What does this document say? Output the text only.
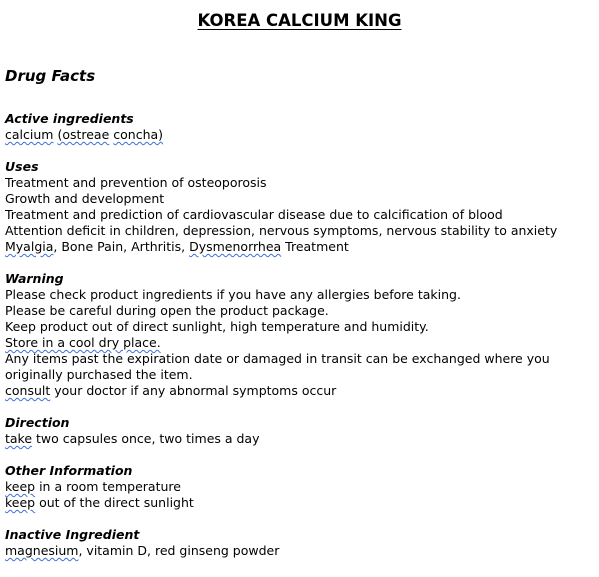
KOREA CALCIUM KING
Drug Facts
Active ingredients
calcium (ostreae concha)
Uses
Treatment and prevention of osteoporosis
Growth and development
Treatment and prediction of cardiovascular disease due to calcification of blood
Attention deficit in children, depression, nervous symptoms, nervous stability to anxiety
Myalgia, Bone Pain, Arthritis, Dysmenorrhea Treatment
Warning
Please check product ingredients if you have any allergies before taking.
Please be careful during open the product package.
Keep product out of direct sunlight, high temperature and humidity.
Store in a cool dry place.
Any items past the expiration date or damaged in transit can be exchanged where you originally purchased the item.
consult your doctor if any abnormal symptoms occur
Direction
take two capsules once, two times a day
Other Information
keep in a room temperature
keep out of the direct sunlight
Inactive Ingredient
magnesium, vitamin D, red ginseng powder
